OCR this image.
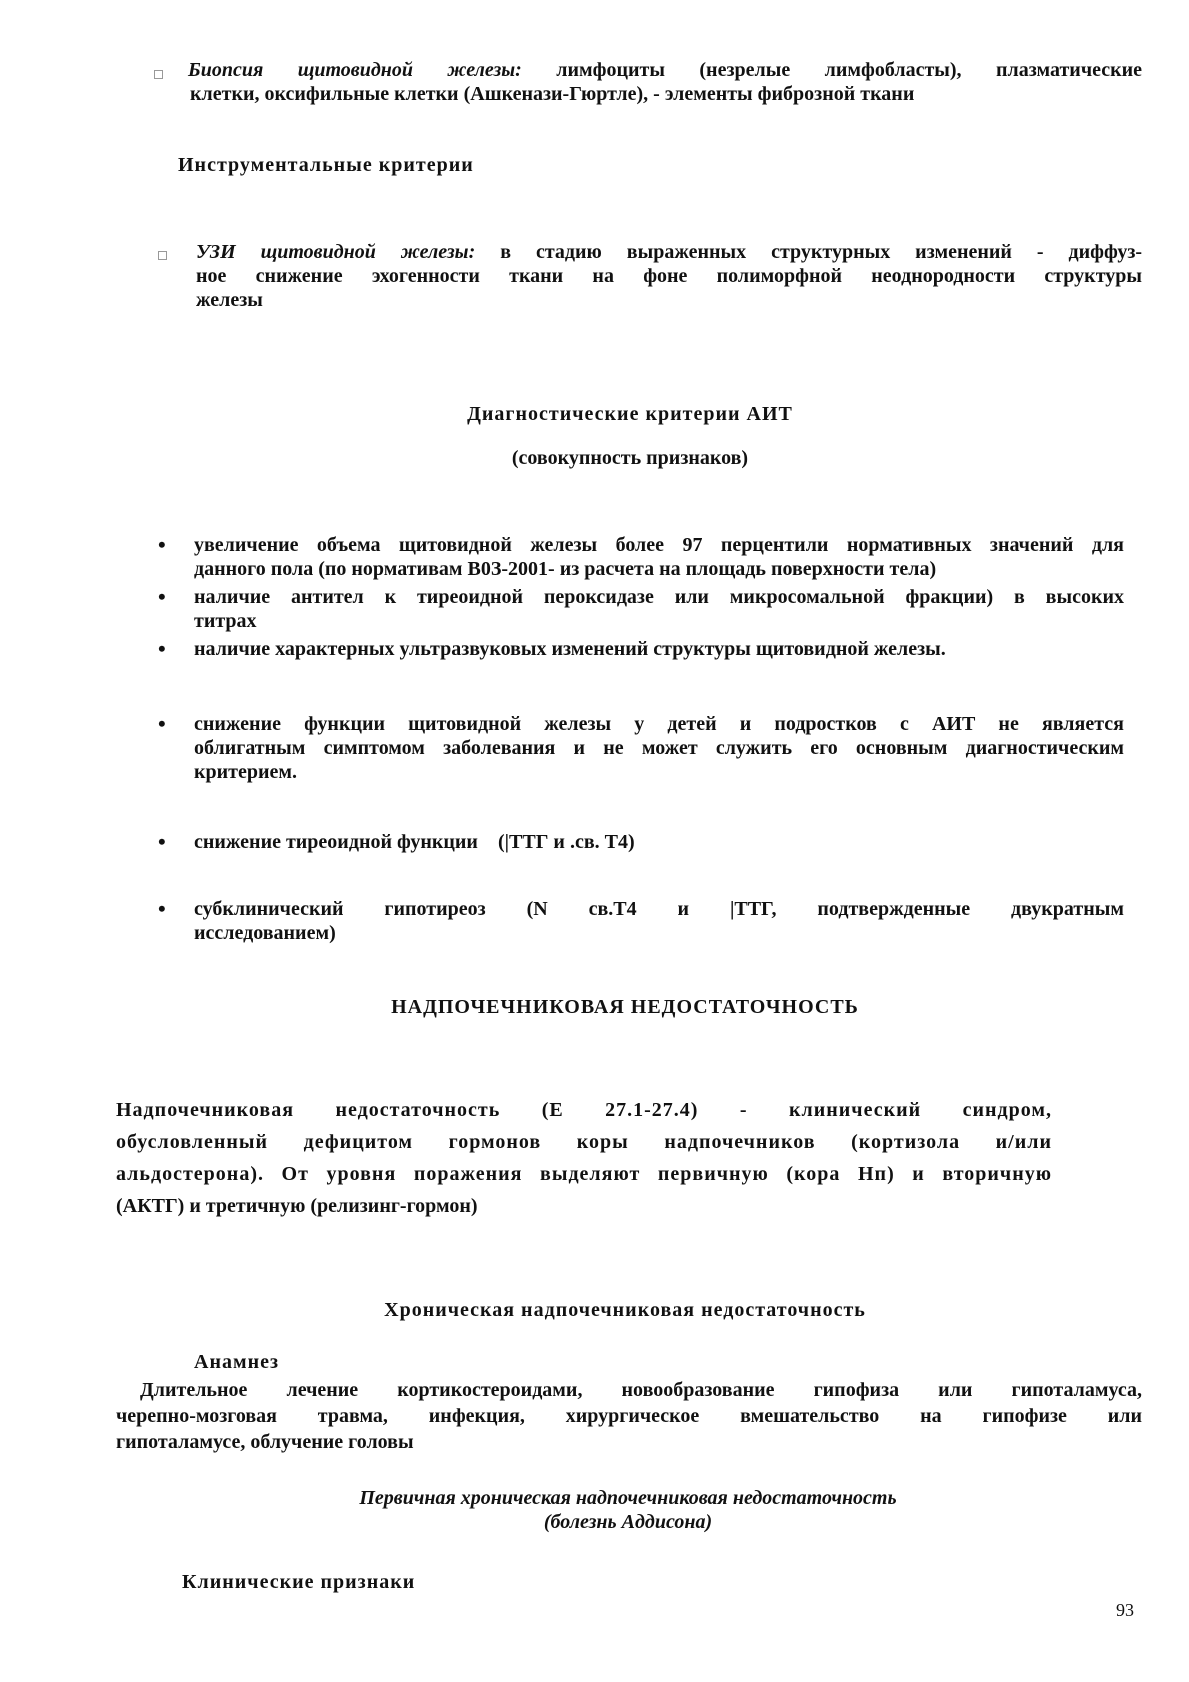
Биопсия щитовидной железы: лимфоциты (незрелые лимфобласты), плазматические
клетки, оксифильные клетки (Ашкенази-Гюртле), - элементы фиброзной ткани
Инструментальные критерии
УЗИ щитовидной железы: в стадию выраженных структурных изменений - диффуз-
ное снижение эхогенности ткани на фоне полиморфной неоднородности структуры
железы
Диагностические критерии АИТ
(совокупность признаков)
• увеличение объема щитовидной железы более 97 перцентили нормативных значений для
данного пола (по нормативам В0З-2001- из расчета на площадь поверхности тела)
• наличие антител к тиреоидной пероксидазе или микросомальной фракции) в высоких
титрах
• наличие характерных ультразвуковых изменений структуры щитовидной железы.
• снижение функции щитовидной железы у детей и подростков с АИТ не является
облигатным симптомом заболевания и не может служить его основным диагностическим
критерием.
• снижение тиреоидной функции    (|ТТГ и .св. Т4)
• субклинический гипотиреоз (N св.Т4 и |ТТГ, подтвержденные двукратным
исследованием)
НАДПОЧЕЧНИКОВАЯ НЕДОСТАТОЧНОСТЬ
Надпочечниковая недостаточность (Е 27.1-27.4) - клинический синдром,
обусловленный дефицитом гормонов коры надпочечников (кортизола и/или
альдостерона). От уровня поражения выделяют первичную (кора Нп) и вторичную
(АКТГ) и третичную (релизинг-гормон)
Хроническая надпочечниковая недостаточность
Анамнез
Длительное лечение кортикостероидами, новообразование гипофиза или гипоталамуса,
черепно-мозговая травма, инфекция, хирургическое вмешательство на гипофизе или
гипоталамусе, облучение головы
Первичная хроническая надпочечниковая недостаточность
(болезнь Аддисона)
Клинические признаки
93
